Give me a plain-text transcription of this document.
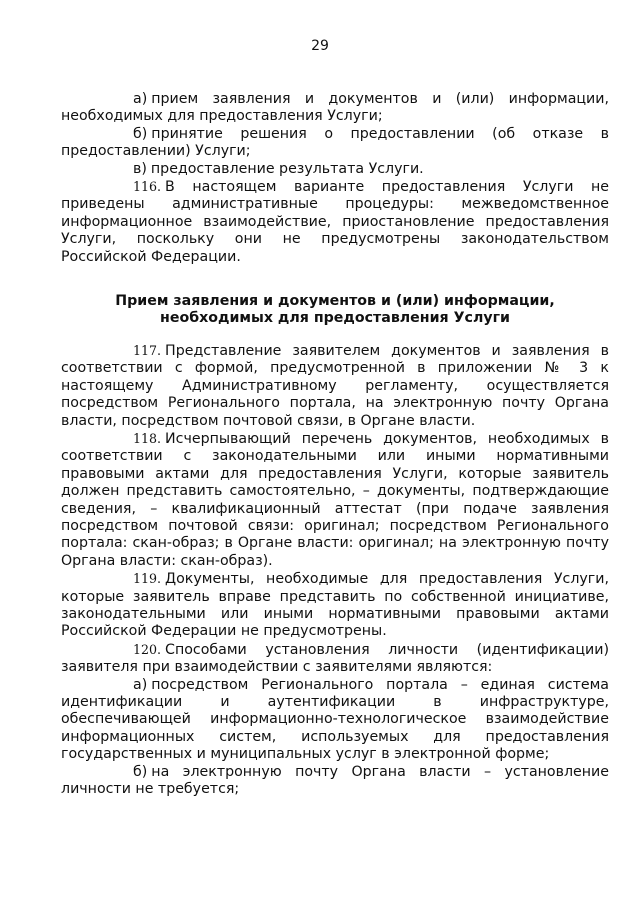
29

а) прием заявления и документов и (или) информации, необходимых для предоставления Услуги;

б) принятие решения о предоставлении (об отказе в предоставлении) Услуги;

в) предоставление результата Услуги.

116. В настоящем варианте предоставления Услуги не приведены административные процедуры: межведомственное информационное взаимодействие, приостановление предоставления Услуги, поскольку они не предусмотрены законодательством Российской Федерации.

Прием заявления и документов и (или) информации,
необходимых для предоставления Услуги

117. Представление заявителем документов и заявления в соответствии с формой, предусмотренной в приложении № 3 к настоящему Административному регламенту, осуществляется посредством Регионального портала, на электронную почту Органа власти, посредством почтовой связи, в Органе власти.

118. Исчерпывающий перечень документов, необходимых в соответствии с законодательными или иными нормативными правовыми актами для предоставления Услуги, которые заявитель должен представить самостоятельно, – документы, подтверждающие сведения, – квалификационный аттестат (при подаче заявления посредством почтовой связи: оригинал; посредством Регионального портала: скан-образ; в Органе власти: оригинал; на электронную почту Органа власти: скан-образ).

119. Документы, необходимые для предоставления Услуги, которые заявитель вправе представить по собственной инициативе, законодательными или иными нормативными правовыми актами Российской Федерации не предусмотрены.

120. Способами установления личности (идентификации) заявителя при взаимодействии с заявителями являются:

а) посредством Регионального портала – единая система идентификации и аутентификации в инфраструктуре, обеспечивающей информационно-технологическое взаимодействие информационных систем, используемых для предоставления государственных и муниципальных услуг в электронной форме;

б) на электронную почту Органа власти – установление личности не требуется;
